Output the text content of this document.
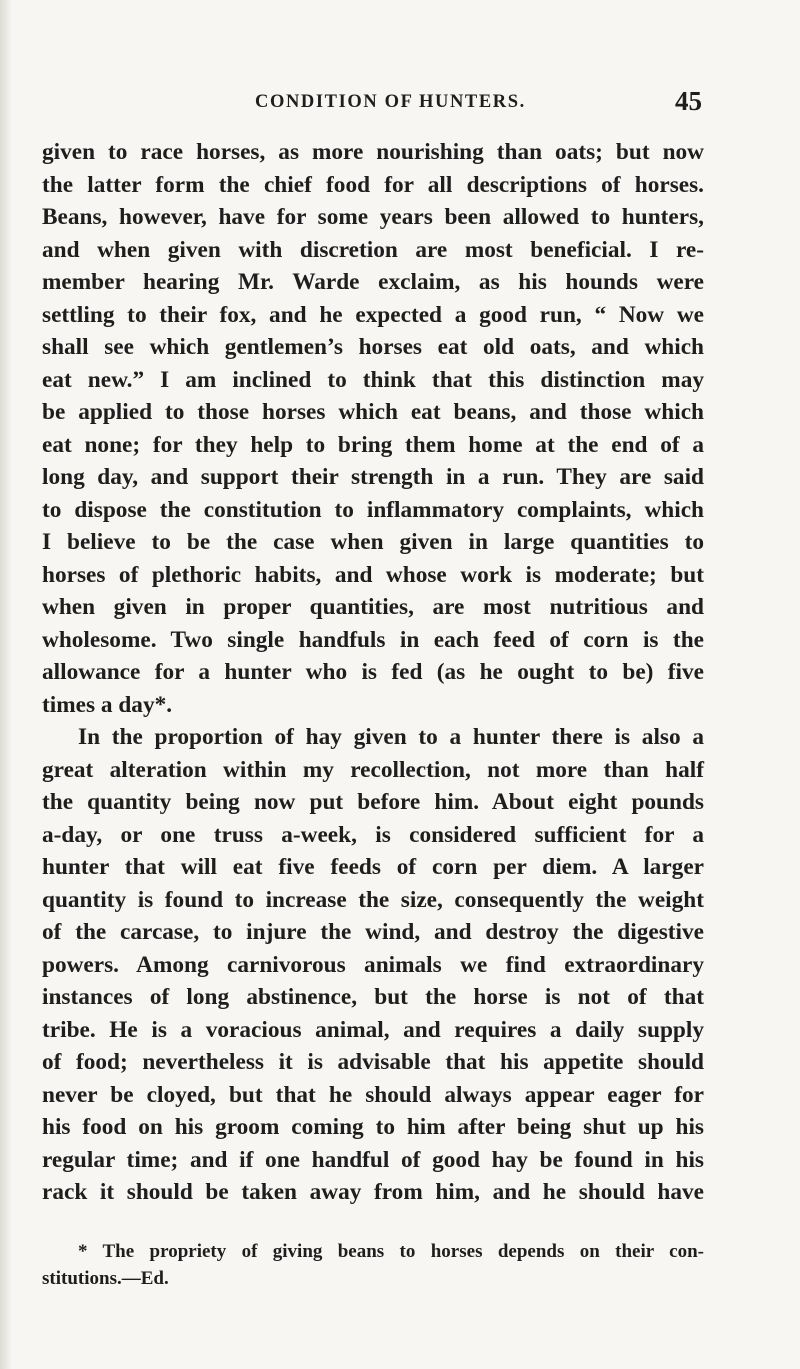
CONDITION OF HUNTERS.	45
given to race horses, as more nourishing than oats; but now
the latter form the chief food for all descriptions of horses.
Beans, however, have for some years been allowed to hunters,
and when given with discretion are most beneficial. I re-
member hearing Mr. Warde exclaim, as his hounds were
settling to their fox, and he expected a good run, “ Now we
shall see which gentlemen’s horses eat old oats, and which
eat new.” I am inclined to think that this distinction may
be applied to those horses which eat beans, and those which
eat none; for they help to bring them home at the end of a
long day, and support their strength in a run. They are said
to dispose the constitution to inflammatory complaints, which
I believe to be the case when given in large quantities to
horses of plethoric habits, and whose work is moderate; but
when given in proper quantities, are most nutritious and
wholesome. Two single handfuls in each feed of corn is the
allowance for a hunter who is fed (as he ought to be) five
times a day*.
In the proportion of hay given to a hunter there is also a
great alteration within my recollection, not more than half
the quantity being now put before him. About eight pounds
a-day, or one truss a-week, is considered sufficient for a
hunter that will eat five feeds of corn per diem. A larger
quantity is found to increase the size, consequently the weight
of the carcase, to injure the wind, and destroy the digestive
powers. Among carnivorous animals we find extraordinary
instances of long abstinence, but the horse is not of that
tribe. He is a voracious animal, and requires a daily supply
of food; nevertheless it is advisable that his appetite should
never be cloyed, but that he should always appear eager for
his food on his groom coming to him after being shut up his
regular time; and if one handful of good hay be found in his
rack it should be taken away from him, and he should have
* The propriety of giving beans to horses depends on their con-
stitutions.—Ed.
